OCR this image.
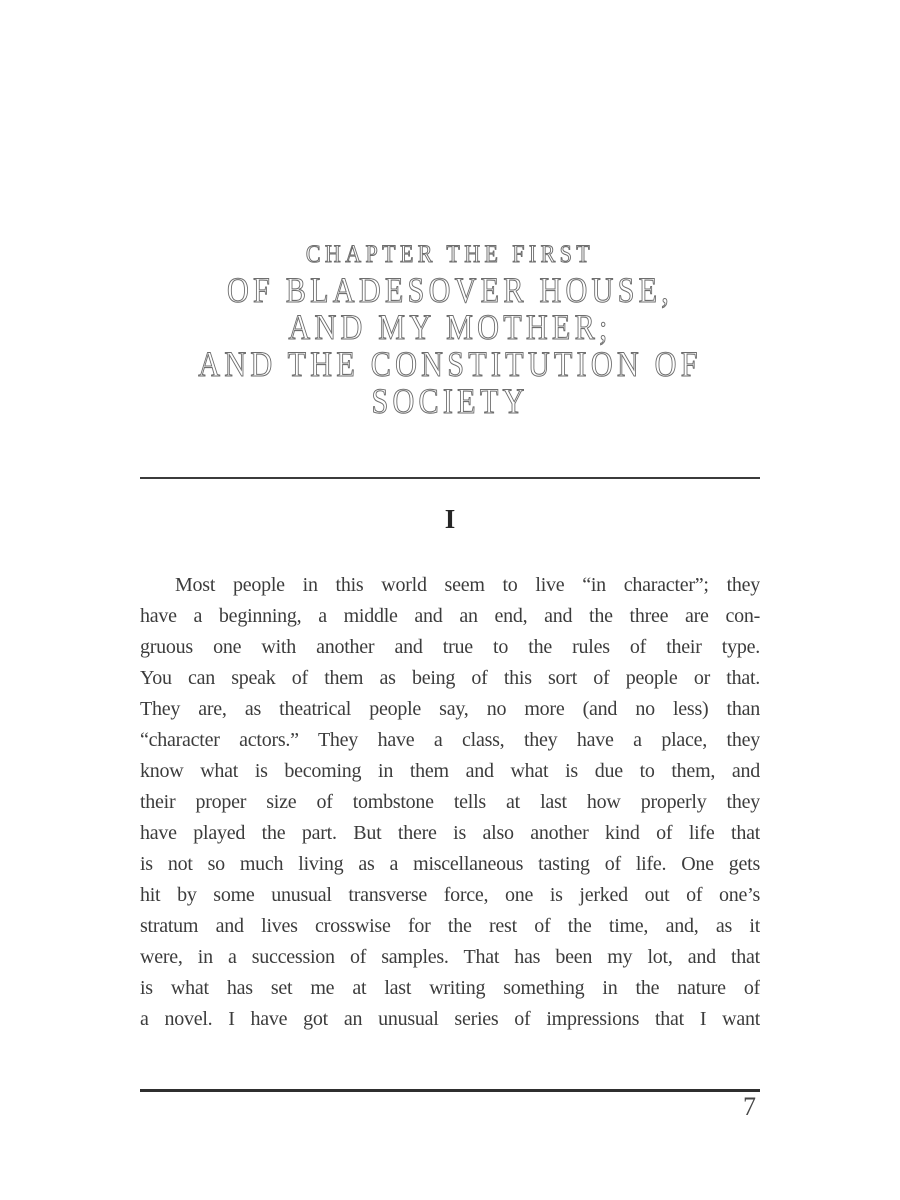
CHAPTER THE FIRST
OF BLADESOVER HOUSE,
AND MY MOTHER;
AND THE CONSTITUTION OF
SOCIETY
I
Most people in this world seem to live “in character”; they
have a beginning, a middle and an end, and the three are con-
gruous one with another and true to the rules of their type.
You can speak of them as being of this sort of people or that.
They are, as theatrical people say, no more (and no less) than
“character actors.” They have a class, they have a place, they
know what is becoming in them and what is due to them, and
their proper size of tombstone tells at last how properly they
have played the part. But there is also another kind of life that
is not so much living as a miscellaneous tasting of life. One gets
hit by some unusual transverse force, one is jerked out of one’s
stratum and lives crosswise for the rest of the time, and, as it
were, in a succession of samples. That has been my lot, and that
is what has set me at last writing something in the nature of
a novel. I have got an unusual series of impressions that I want
7
